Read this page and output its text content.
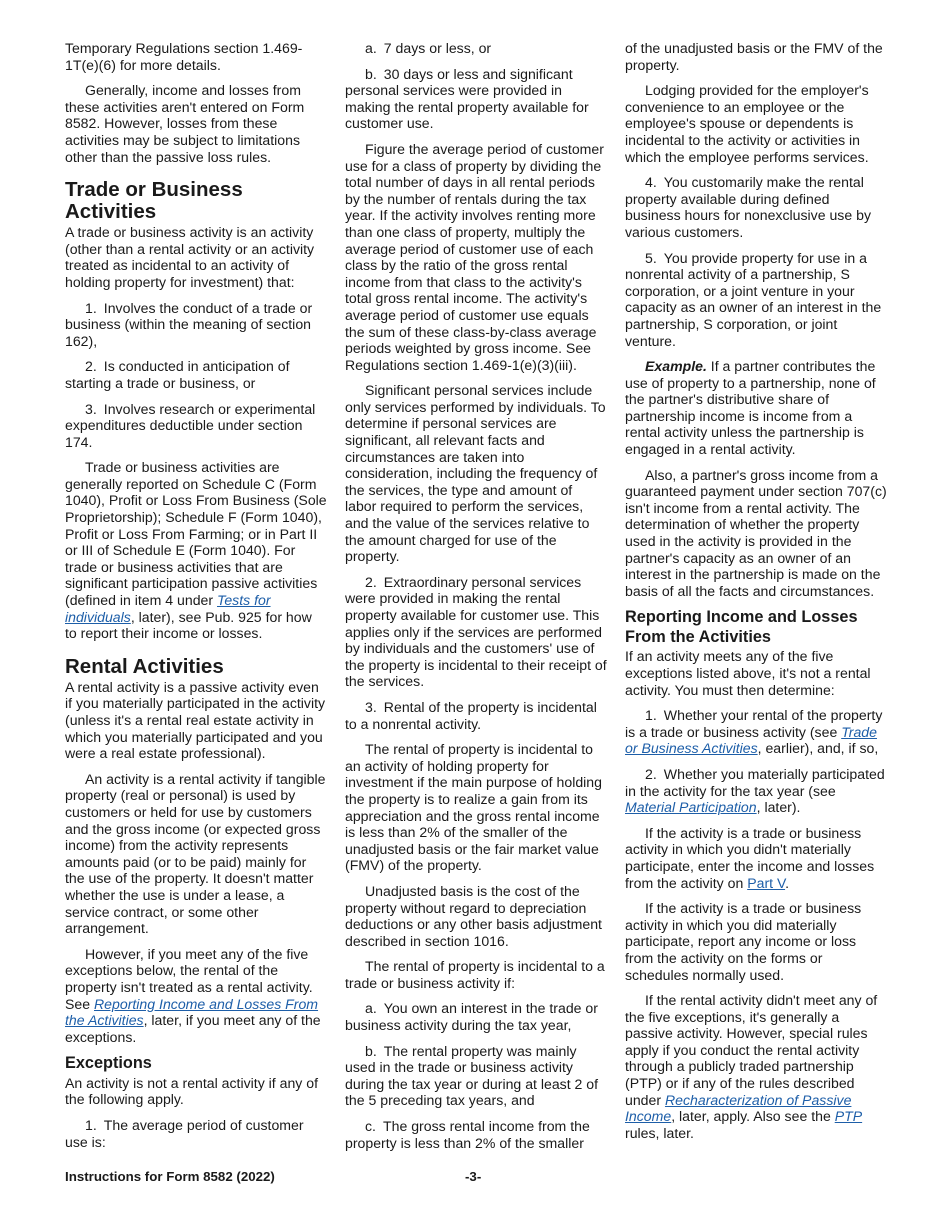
Temporary Regulations section 1.469-1T(e)(6) for more details.

Generally, income and losses from these activities aren't entered on Form 8582. However, losses from these activities may be subject to limitations other than the passive loss rules.

Trade or Business Activities

A trade or business activity is an activity (other than a rental activity or an activity treated as incidental to an activity of holding property for investment) that:

1. Involves the conduct of a trade or business (within the meaning of section 162),

2. Is conducted in anticipation of starting a trade or business, or

3. Involves research or experimental expenditures deductible under section 174.

Trade or business activities are generally reported on Schedule C (Form 1040), Profit or Loss From Business (Sole Proprietorship); Schedule F (Form 1040), Profit or Loss From Farming; or in Part II or III of Schedule E (Form 1040). For trade or business activities that are significant participation passive activities (defined in item 4 under Tests for individuals, later), see Pub. 925 for how to report their income or losses.

Rental Activities

A rental activity is a passive activity even if you materially participated in the activity (unless it's a rental real estate activity in which you materially participated and you were a real estate professional).

An activity is a rental activity if tangible property (real or personal) is used by customers or held for use by customers and the gross income (or expected gross income) from the activity represents amounts paid (or to be paid) mainly for the use of the property. It doesn't matter whether the use is under a lease, a service contract, or some other arrangement.

However, if you meet any of the five exceptions below, the rental of the property isn't treated as a rental activity. See Reporting Income and Losses From the Activities, later, if you meet any of the exceptions.

Exceptions

An activity is not a rental activity if any of the following apply.

1. The average period of customer use is:

a. 7 days or less, or

b. 30 days or less and significant personal services were provided in making the rental property available for customer use.

Figure the average period of customer use for a class of property by dividing the total number of days in all rental periods by the number of rentals during the tax year. If the activity involves renting more than one class of property, multiply the average period of customer use of each class by the ratio of the gross rental income from that class to the activity's total gross rental income. The activity's average period of customer use equals the sum of these class-by-class average periods weighted by gross income. See Regulations section 1.469-1(e)(3)(iii).

Significant personal services include only services performed by individuals. To determine if personal services are significant, all relevant facts and circumstances are taken into consideration, including the frequency of the services, the type and amount of labor required to perform the services, and the value of the services relative to the amount charged for use of the property.

2. Extraordinary personal services were provided in making the rental property available for customer use. This applies only if the services are performed by individuals and the customers' use of the property is incidental to their receipt of the services.

3. Rental of the property is incidental to a nonrental activity.

The rental of property is incidental to an activity of holding property for investment if the main purpose of holding the property is to realize a gain from its appreciation and the gross rental income is less than 2% of the smaller of the unadjusted basis or the fair market value (FMV) of the property.

Unadjusted basis is the cost of the property without regard to depreciation deductions or any other basis adjustment described in section 1016.

The rental of property is incidental to a trade or business activity if:

a. You own an interest in the trade or business activity during the tax year,

b. The rental property was mainly used in the trade or business activity during the tax year or during at least 2 of the 5 preceding tax years, and

c. The gross rental income from the property is less than 2% of the smaller

of the unadjusted basis or the FMV of the property.

Lodging provided for the employer's convenience to an employee or the employee's spouse or dependents is incidental to the activity or activities in which the employee performs services.

4. You customarily make the rental property available during defined business hours for nonexclusive use by various customers.

5. You provide property for use in a nonrental activity of a partnership, S corporation, or a joint venture in your capacity as an owner of an interest in the partnership, S corporation, or joint venture.

Example. If a partner contributes the use of property to a partnership, none of the partner's distributive share of partnership income is income from a rental activity unless the partnership is engaged in a rental activity.

Also, a partner's gross income from a guaranteed payment under section 707(c) isn't income from a rental activity. The determination of whether the property used in the activity is provided in the partner's capacity as an owner of an interest in the partnership is made on the basis of all the facts and circumstances.

Reporting Income and Losses From the Activities

If an activity meets any of the five exceptions listed above, it's not a rental activity. You must then determine:

1. Whether your rental of the property is a trade or business activity (see Trade or Business Activities, earlier), and, if so,

2. Whether you materially participated in the activity for the tax year (see Material Participation, later).

If the activity is a trade or business activity in which you didn't materially participate, enter the income and losses from the activity on Part V.

If the activity is a trade or business activity in which you did materially participate, report any income or loss from the activity on the forms or schedules normally used.

If the rental activity didn't meet any of the five exceptions, it's generally a passive activity. However, special rules apply if you conduct the rental activity through a publicly traded partnership (PTP) or if any of the rules described under Recharacterization of Passive Income, later, apply. Also see the PTP rules, later.

Instructions for Form 8582 (2022)	-3-
